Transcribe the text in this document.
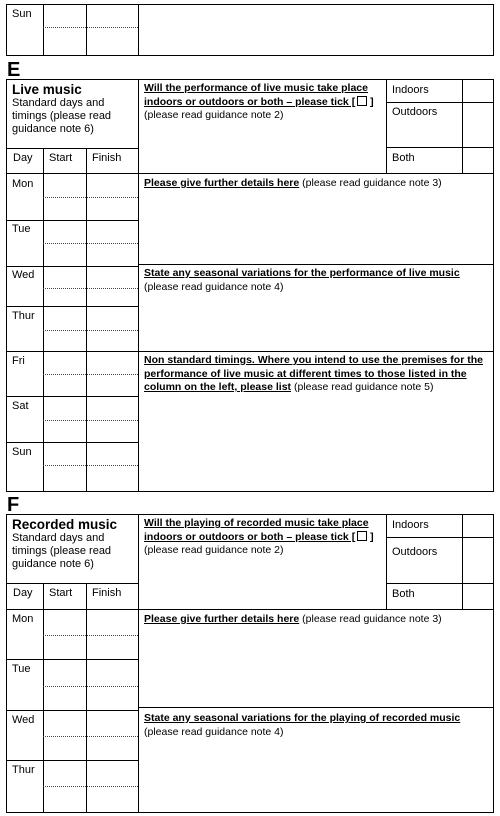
Sun
E
Live music
Standard days and timings (please read guidance note 6)
Day Start Finish
Mon
Tue
Wed
Thur
Fri
Sat
Sun
Will the performance of live music take place indoors or outdoors or both – please tick [ ]
(please read guidance note 2)
Indoors
Outdoors
Both
Please give further details here (please read guidance note 3)
State any seasonal variations for the performance of live music
(please read guidance note 4)
Non standard timings. Where you intend to use the premises for the performance of live music at different times to those listed in the column on the left, please list (please read guidance note 5)
F
Recorded music
Standard days and timings (please read guidance note 6)
Day Start Finish
Mon
Tue
Wed
Thur
Will the playing of recorded music take place indoors or outdoors or both – please tick [ ]
(please read guidance note 2)
Indoors
Outdoors
Both
Please give further details here (please read guidance note 3)
State any seasonal variations for the playing of recorded music
(please read guidance note 4)
